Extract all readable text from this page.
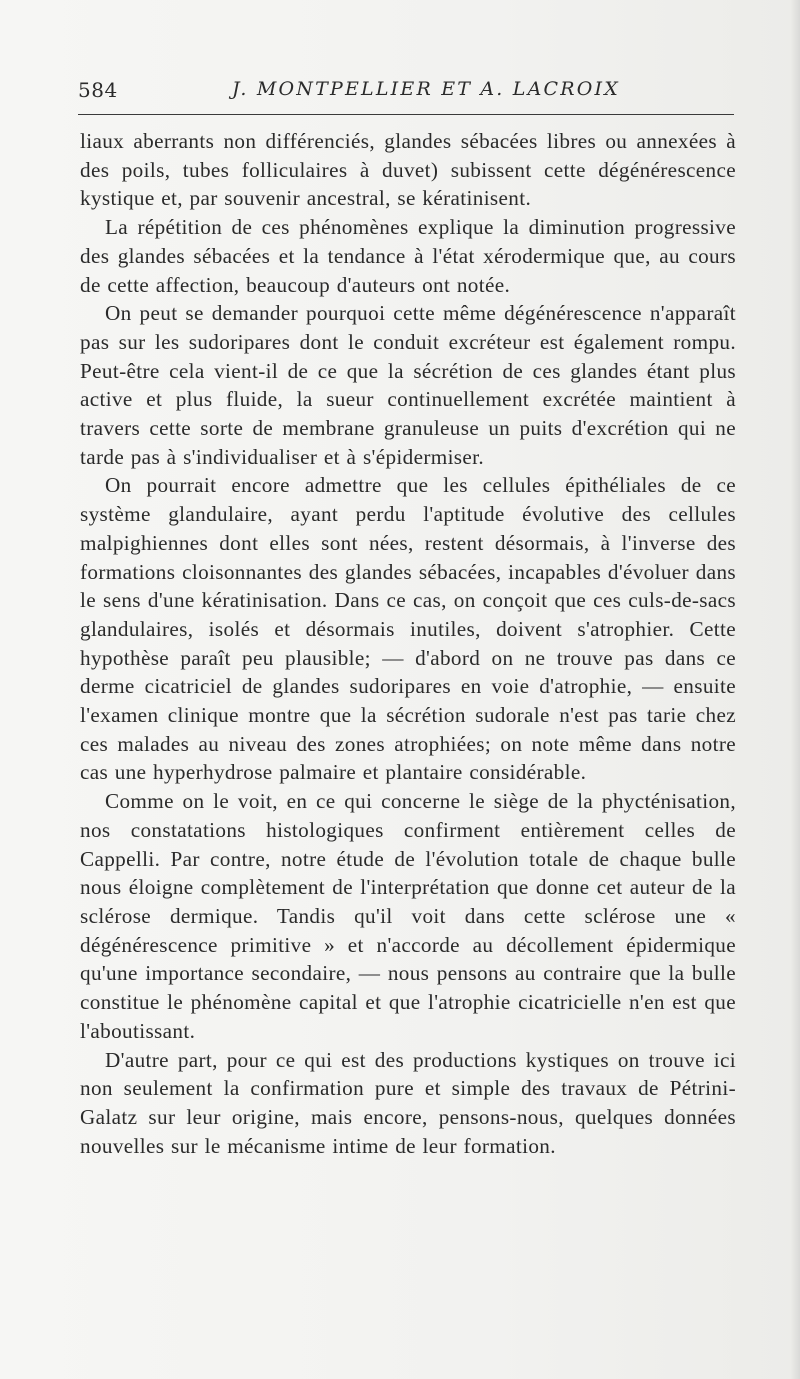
584	J. MONTPELLIER ET A. LACROIX

liaux aberrants non différenciés, glandes sébacées libres ou annexées à des poils, tubes folliculaires à duvet) subissent cette dégénérescence kystique et, par souvenir ancestral, se kératinisent.

La répétition de ces phénomènes explique la diminution progressive des glandes sébacées et la tendance à l'état xérodermique que, au cours de cette affection, beaucoup d'auteurs ont notée.

On peut se demander pourquoi cette même dégénérescence n'apparaît pas sur les sudoripares dont le conduit excréteur est également rompu. Peut-être cela vient-il de ce que la sécrétion de ces glandes étant plus active et plus fluide, la sueur continuellement excrétée maintient à travers cette sorte de membrane granuleuse un puits d'excrétion qui ne tarde pas à s'individualiser et à s'épidermiser.

On pourrait encore admettre que les cellules épithéliales de ce système glandulaire, ayant perdu l'aptitude évolutive des cellules malpighiennes dont elles sont nées, restent désormais, à l'inverse des formations cloisonnantes des glandes sébacées, incapables d'évoluer dans le sens d'une kératinisation. Dans ce cas, on conçoit que ces culs-de-sacs glandulaires, isolés et désormais inutiles, doivent s'atrophier. Cette hypothèse paraît peu plausible; — d'abord on ne trouve pas dans ce derme cicatriciel de glandes sudoripares en voie d'atrophie, — ensuite l'examen clinique montre que la sécrétion sudorale n'est pas tarie chez ces malades au niveau des zones atrophiées; on note même dans notre cas une hyperhydrose palmaire et plantaire considérable.

Comme on le voit, en ce qui concerne le siège de la phycténisation, nos constatations histologiques confirment entièrement celles de Cappelli. Par contre, notre étude de l'évolution totale de chaque bulle nous éloigne complètement de l'interprétation que donne cet auteur de la sclérose dermique. Tandis qu'il voit dans cette sclérose une « dégénérescence primitive » et n'accorde au décollement épidermique qu'une importance secondaire, — nous pensons au contraire que la bulle constitue le phénomène capital et que l'atrophie cicatricielle n'en est que l'aboutissant.

D'autre part, pour ce qui est des productions kystiques on trouve ici non seulement la confirmation pure et simple des travaux de Pétrini-Galatz sur leur origine, mais encore, pensons-nous, quelques données nouvelles sur le mécanisme intime de leur formation.
